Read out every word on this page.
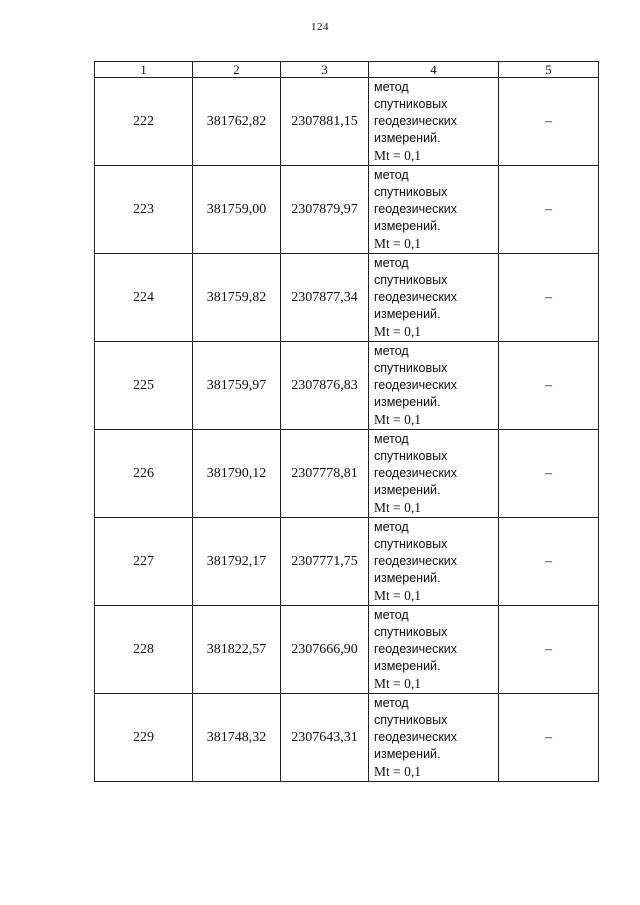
124
1	2	3	4	5
222	381762,82	2307881,15	метод
спутниковых
геодезических
измерений.
Mt = 0,1	–
223	381759,00	2307879,97	метод
спутниковых
геодезических
измерений.
Mt = 0,1	–
224	381759,82	2307877,34	метод
спутниковых
геодезических
измерений.
Mt = 0,1	–
225	381759,97	2307876,83	метод
спутниковых
геодезических
измерений.
Mt = 0,1	–
226	381790,12	2307778,81	метод
спутниковых
геодезических
измерений.
Mt = 0,1	–
227	381792,17	2307771,75	метод
спутниковых
геодезических
измерений.
Mt = 0,1	–
228	381822,57	2307666,90	метод
спутниковых
геодезических
измерений.
Mt = 0,1	–
229	381748,32	2307643,31	метод
спутниковых
геодезических
измерений.
Mt = 0,1	–
